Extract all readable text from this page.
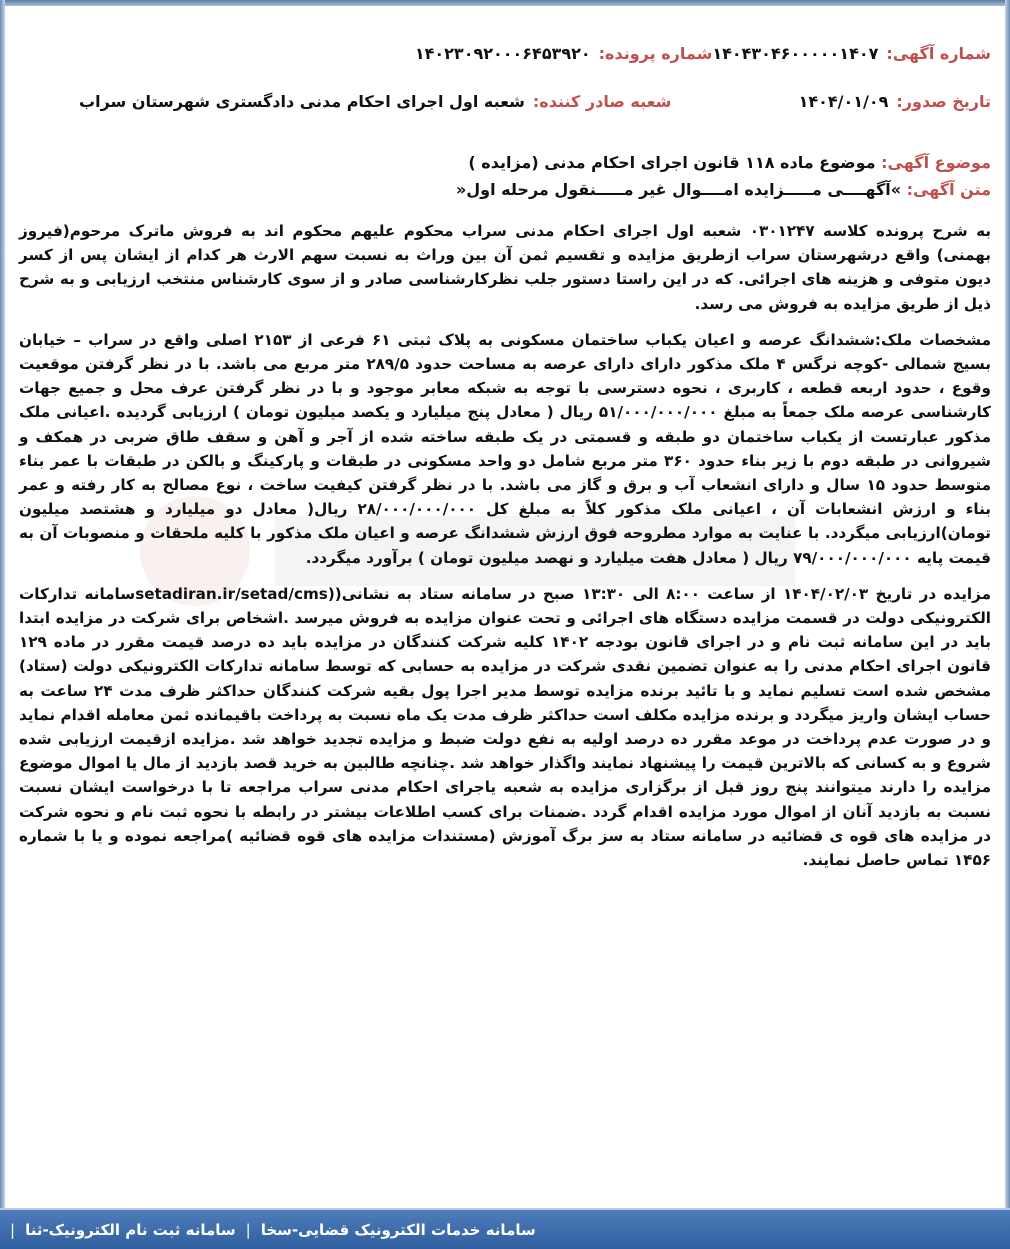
شماره آگهی:
۱۴۰۴۳۰۴۶۰۰۰۰۰۱۴۰۷
شماره پرونده:
۱۴۰۲۳۰۹۲۰۰۰۶۴۵۳۹۲۰
تاریخ صدور:
۱۴۰۴/۰۱/۰۹
شعبه صادر کننده:
شعبه اول اجرای احکام مدنی دادگستری شهرستان سراب
موضوع آگهی: موضوع ماده ۱۱۸ قانون اجرای احکام مدنی (مزایده )
متن آگهی: »آگهــــی مـــــزایده امــــوال غیر مـــــنقول مرحله اول«

به شرح پرونده کلاسه ۰۳۰۱۲۴۷ شعبه اول اجرای احکام مدنی سراب محکوم علیهم محکوم اند به فروش ماترک مرحوم(فیروز بهمنی) واقع درشهرستان سراب ازطریق مزایده و تقسیم ثمن آن بین وراث به نسبت سهم الارث هر کدام از ایشان پس از کسر دیون متوفی و هزینه های اجرائی. که در این راستا دستور جلب نظرکارشناسی صادر و از سوی کارشناس منتخب ارزیابی و به شرح ذیل از طریق مزایده به فروش می رسد.

مشخصات ملک:ششدانگ عرصه و اعیان یکباب ساختمان مسکونی به پلاک ثبتی ۶۱ فرعی از ۲۱۵۳ اصلی واقع در سراب – خیابان بسیج شمالی -کوچه نرگس ۴ ملک مذکور دارای دارای عرصه به مساحت حدود ۲۸۹/۵ متر مربع می باشد. با در نظر گرفتن موقعیت وقوع ، حدود اربعه قطعه ، کاربری ، نحوه دسترسی با توجه به شبکه معابر موجود و با در نظر گرفتن عرف محل و جمیع جهات کارشناسی عرصه ملک جمعاً به مبلغ ۵۱/۰۰۰/۰۰۰/۰۰۰ ریال ( معادل پنج میلیارد و یکصد میلیون تومان ) ارزیابی گردیده .اعیانی ملک مذکور عبارتست از یکباب ساختمان دو طبقه و قسمتی در یک طبقه ساخته شده از آجر و آهن و سقف طاق ضربی در همکف و شیروانی در طبقه دوم با زیر بناء حدود ۳۶۰ متر مربع شامل دو واحد مسکونی در طبقات و پارکینگ و بالکن در طبقات با عمر بناء متوسط حدود ۱۵ سال و دارای انشعاب آب و برق و گاز می باشد. با در نظر گرفتن کیفیت ساخت ، نوع مصالح به کار رفته و عمر بناء و ارزش انشعابات آن ، اعیانی ملک مذکور کلاً به مبلغ کل ۲۸/۰۰۰/۰۰۰/۰۰۰ ریال( معادل دو میلیارد و هشتصد میلیون تومان)ارزیابی میگردد. با عنایت به موارد مطروحه فوق ارزش ششدانگ عرصه و اعیان ملک مذکور با کلیه ملحقات و منصوبات آن به قیمت پایه ۷۹/۰۰۰/۰۰۰/۰۰۰ ریال ( معادل هفت میلیارد و نهصد میلیون تومان ) برآورد میگردد.

مزایده در تاریخ ۱۴۰۴/۰۲/۰۳ از ساعت ۸:۰۰ الی ۱۳:۳۰ صبح در سامانه ستاد به نشانی((setadiran.ir/setad/cmsسامانه تدارکات الکترونیکی دولت در قسمت مزایده دستگاه های اجرائی و تحت عنوان مزایده به فروش میرسد .اشخاص برای شرکت در مزایده ابتدا باید در این سامانه ثبت نام و در اجرای قانون بودجه ۱۴۰۲ کلیه شرکت کنندگان در مزایده باید ده درصد قیمت مقرر در ماده ۱۲۹ قانون اجرای احکام مدنی را به عنوان تضمین نقدی شرکت در مزایده به حسابی که توسط سامانه تدارکات الکترونیکی دولت (ستاد) مشخص شده است تسلیم نماید و با تائید برنده مزایده توسط مدیر اجرا پول بقیه شرکت کنندگان حداکثر ظرف مدت ۲۴ ساعت به حساب ایشان واریز میگردد و برنده مزایده مکلف است حداکثر ظرف مدت یک ماه نسبت به پرداخت باقیمانده ثمن معامله اقدام نماید و در صورت عدم پرداخت در موعد مقرر ده درصد اولیه به نفع دولت ضبط و مزایده تجدید خواهد شد .مزایده ازقیمت ارزیابی شده شروع و به کسانی که بالاترین قیمت را پیشنهاد نمایند واگذار خواهد شد .چنانچه طالبین به خرید قصد بازدید از مال یا اموال موضوع مزایده را دارند میتوانند پنج روز قبل از برگزاری مزایده به شعبه یاجرای احکام مدنی سراب مراجعه تا با درخواست ایشان نسبت نسبت به بازدید آنان از اموال مورد مزایده اقدام گردد .ضمنات برای کسب اطلاعات بیشتر در رابطه با نحوه ثبت نام و نحوه شرکت در مزایده های قوه ی قضائیه در سامانه ستاد به سز برگ آموزش (مستندات مزایده های قوه قضائیه )مراجعه نموده و یا با شماره ۱۴۵۶ تماس حاصل نمایند.

سامانه خدمات الکترونیک قضایی-سخا
|
سامانه ثبت نام الکترونیک-ثنا
|
